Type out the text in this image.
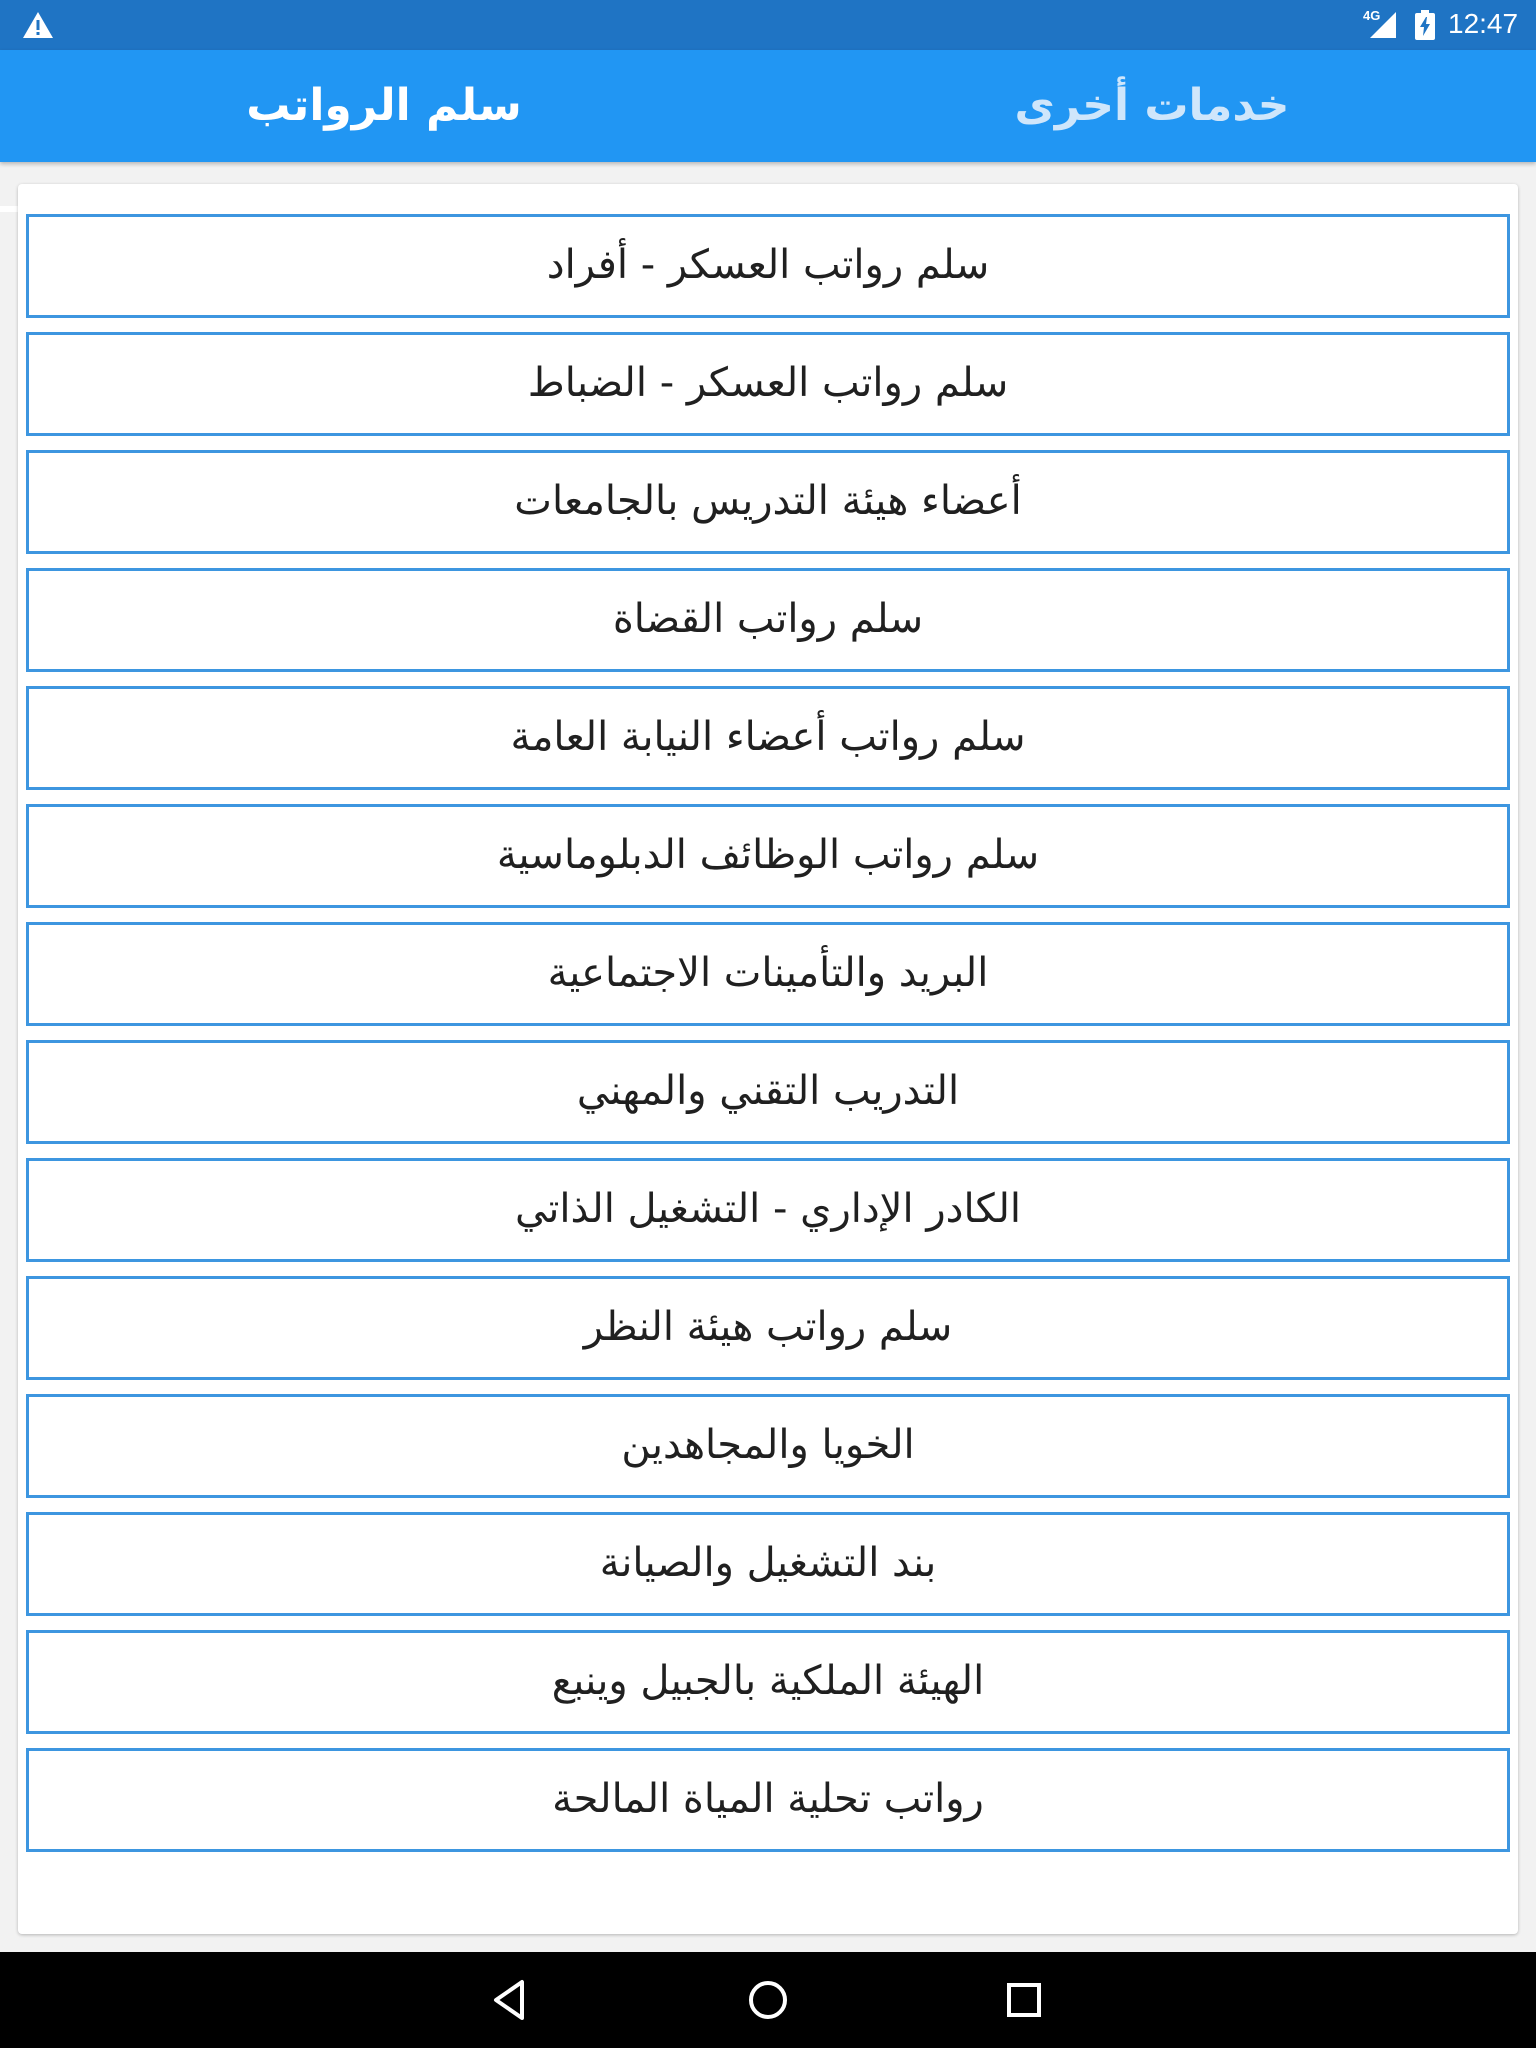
4G 12:47
سلم الرواتب	خدمات أخرى
سلم رواتب العسكر - أفراد
سلم رواتب العسكر - الضباط
أعضاء هيئة التدريس بالجامعات
سلم رواتب القضاة
سلم رواتب أعضاء النيابة العامة
سلم رواتب الوظائف الدبلوماسية
البريد والتأمينات الاجتماعية
التدريب التقني والمهني
الكادر الإداري - التشغيل الذاتي
سلم رواتب هيئة النظر
الخويا والمجاهدين
بند التشغيل والصيانة
الهيئة الملكية بالجبيل وينبع
رواتب تحلية المياة المالحة
